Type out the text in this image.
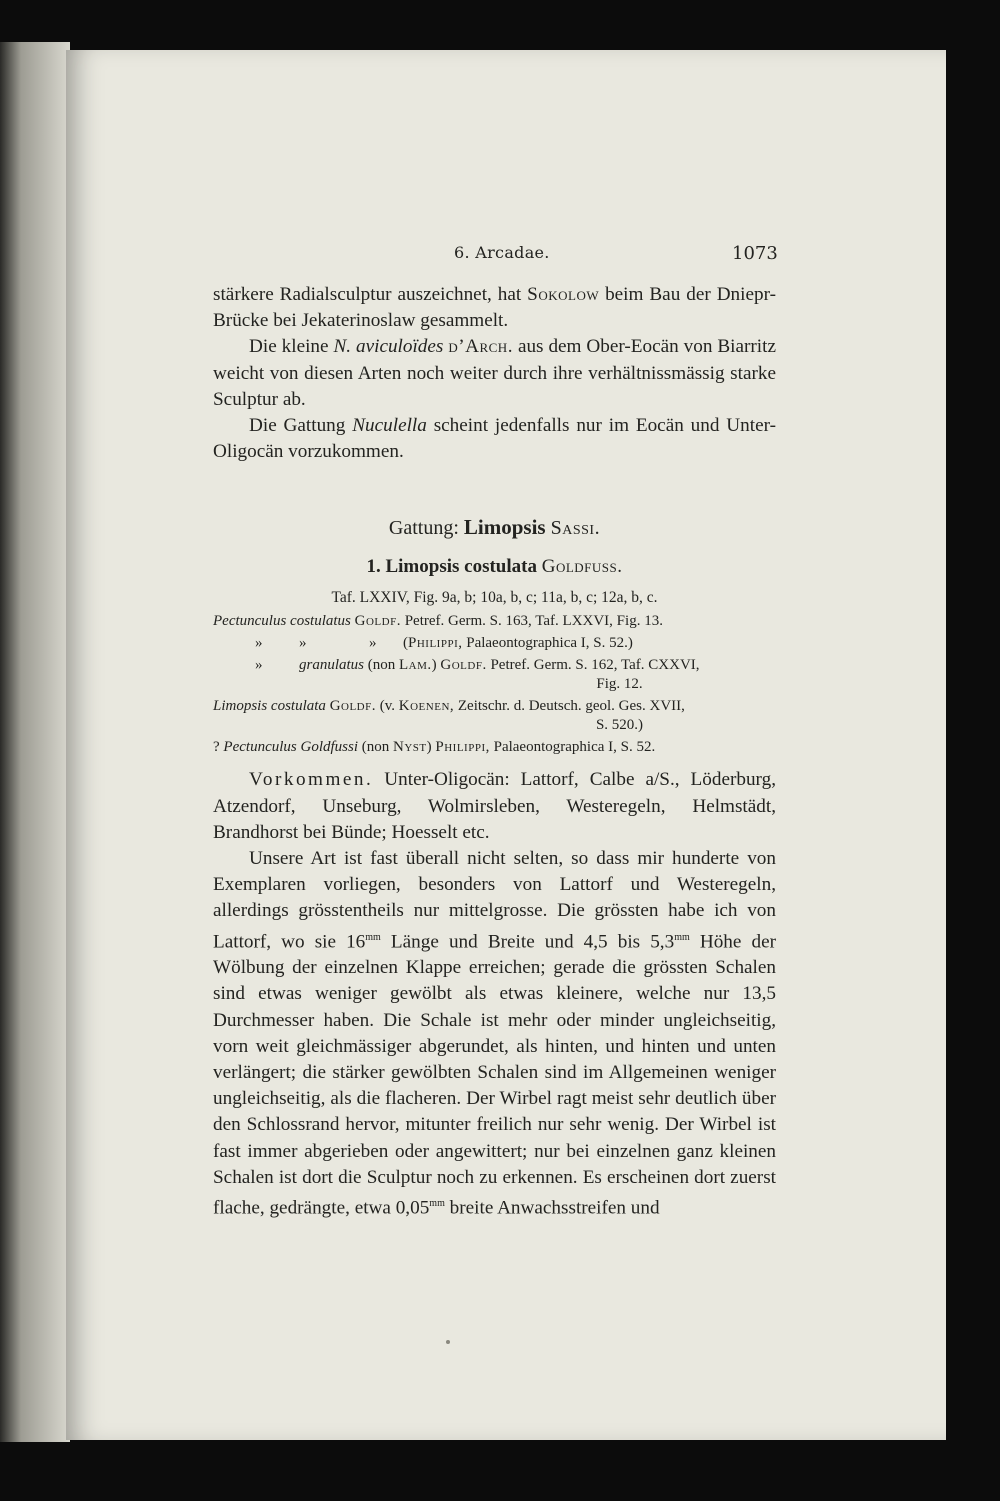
6. Arcadae.	1073

stärkere Radialsculptur auszeichnet, hat Sokolow beim Bau der Dniepr-Brücke bei Jekaterinoslaw gesammelt.

Die kleine N. aviculoïdes d’Arch. aus dem Ober-Eocän von Biarritz weicht von diesen Arten noch weiter durch ihre verhältnissmässig starke Sculptur ab.

Die Gattung Nuculella scheint jedenfalls nur im Eocän und Unter-Oligocän vorzukommen.

Gattung: Limopsis Sassi.
1. Limopsis costulata Goldfuss.
Taf. LXXIV, Fig. 9a, b; 10a, b, c; 11a, b, c; 12a, b, c.
Pectunculus costulatus Goldf. Petref. Germ. S. 163, Taf. LXXVI, Fig. 13.
» »	» (Philippi, Palaeontographica I, S. 52.)
» granulatus (non Lam.) Goldf. Petref. Germ. S. 162, Taf. CXXVI,
Fig. 12.
Limopsis costulata Goldf. (v. Koenen, Zeitschr. d. Deutsch. geol. Ges. XVII,
S. 520.)
? Pectunculus Goldfussi (non Nyst) Philippi, Palaeontographica I, S. 52.

Vorkommen. Unter-Oligocän: Lattorf, Calbe a/S., Löderburg, Atzendorf, Unseburg, Wolmirsleben, Westeregeln, Helmstädt, Brandhorst bei Bünde; Hoesselt etc.

Unsere Art ist fast überall nicht selten, so dass mir hunderte von Exemplaren vorliegen, besonders von Lattorf und Westeregeln, allerdings grösstentheils nur mittelgrosse. Die grössten habe ich von Lattorf, wo sie $16^{mm}$ Länge und Breite und 4,5 bis $5,3^{mm}$ Höhe der Wölbung der einzelnen Klappe erreichen; gerade die grössten Schalen sind etwas weniger gewölbt als etwas kleinere, welche nur 13,5 Durchmesser haben. Die Schale ist mehr oder minder ungleichseitig, vorn weit gleichmässiger abgerundet, als hinten, und hinten und unten verlängert; die stärker gewölbten Schalen sind im Allgemeinen weniger ungleichseitig, als die flacheren. Der Wirbel ragt meist sehr deutlich über den Schlossrand hervor, mitunter freilich nur sehr wenig. Der Wirbel ist fast immer abgerieben oder angewittert; nur bei einzelnen ganz kleinen Schalen ist dort die Sculptur noch zu erkennen. Es erscheinen dort zuerst flache, gedrängte, etwa $0,05^{mm}$ breite Anwachsstreifen und
